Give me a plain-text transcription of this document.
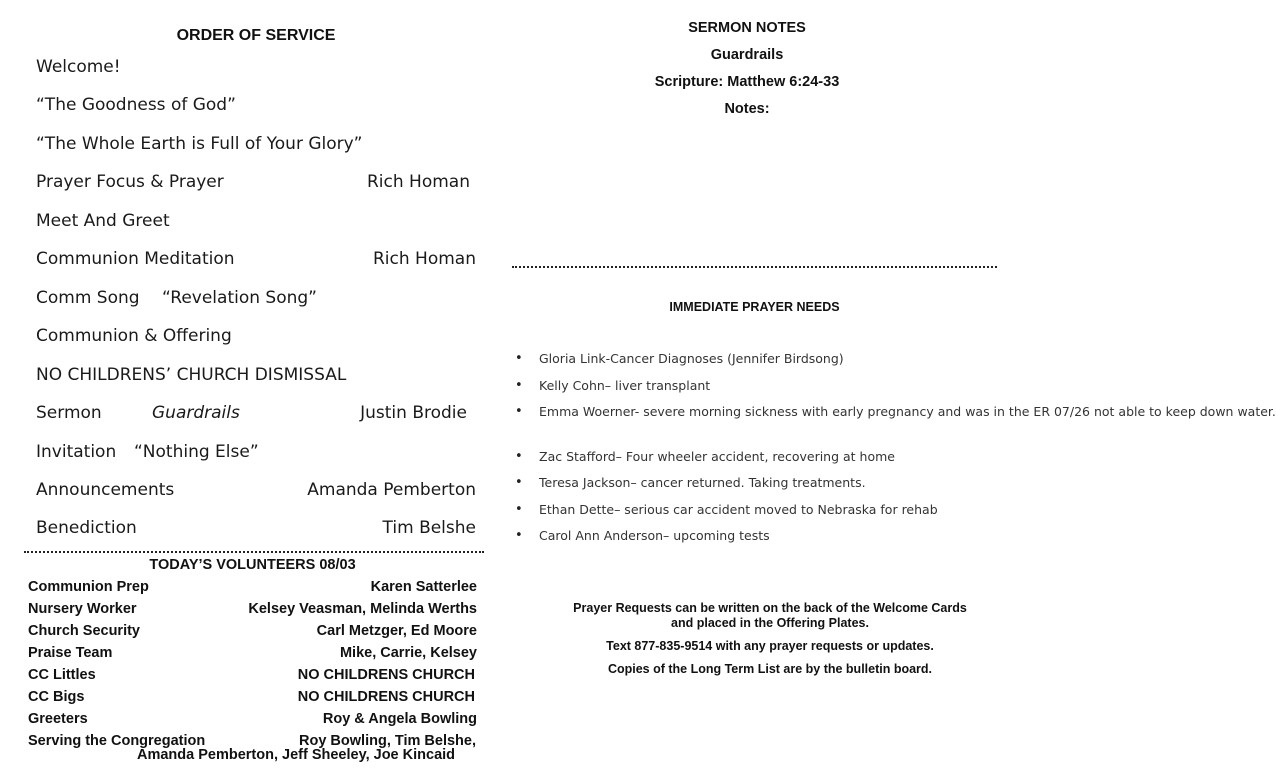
ORDER OF SERVICE
Welcome!
“The Goodness of God”
“The Whole Earth is Full of Your Glory”
Prayer Focus & Prayer	Rich Homan
Meet And Greet
Communion Meditation	Rich Homan
Comm Song “Revelation Song”
Communion & Offering
NO CHILDRENS’ CHURCH DISMISSAL
Sermon	Guardrails	Justin Brodie
Invitation “Nothing Else”
Announcements	Amanda Pemberton
Benediction	Tim Belshe
TODAY’S VOLUNTEERS 08/03
Communion Prep	Karen Satterlee
Nursery Worker	Kelsey Veasman, Melinda Werths
Church Security	Carl Metzger, Ed Moore
Praise Team	Mike, Carrie, Kelsey
CC Littles	NO CHILDRENS CHURCH
CC Bigs	NO CHILDRENS CHURCH
Greeters	Roy & Angela Bowling
Serving the Congregation	Roy Bowling, Tim Belshe,
Amanda Pemberton, Jeff Sheeley, Joe Kincaid
SERMON NOTES
Guardrails
Scripture: Matthew 6:24-33
Notes:
IMMEDIATE PRAYER NEEDS
• Gloria Link-Cancer Diagnoses (Jennifer Birdsong)
• Kelly Cohn– liver transplant
• Emma Woerner- severe morning sickness with early pregnancy and was in the ER 07/26 not able to keep down water.
• Zac Stafford– Four wheeler accident, recovering at home
• Teresa Jackson– cancer returned. Taking treatments.
• Ethan Dette– serious car accident moved to Nebraska for rehab
• Carol Ann Anderson– upcoming tests
Prayer Requests can be written on the back of the Welcome Cards
and placed in the Offering Plates.
Text 877-835-9514 with any prayer requests or updates.
Copies of the Long Term List are by the bulletin board.
